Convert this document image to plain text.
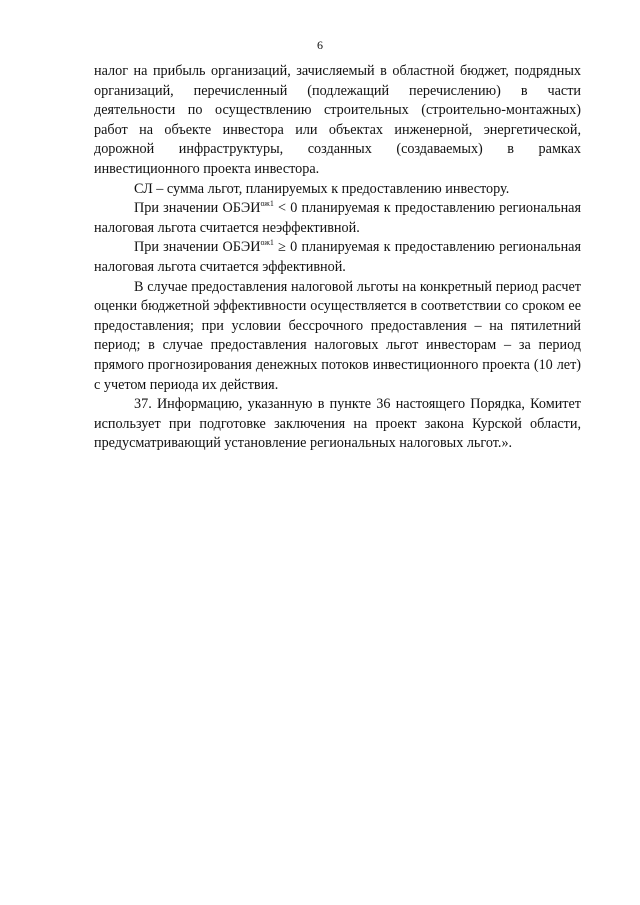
6

налог на прибыль организаций, зачисляемый в областной бюджет, подрядных организаций, перечисленный (подлежащий перечислению) в части деятельности по осуществлению строительных (строительно-монтажных) работ на объекте инвестора или объектах инженерной, энергетической, дорожной инфраструктуры, созданных (создаваемых) в рамках инвестиционного проекта инвестора.

СЛ – сумма льгот, планируемых к предоставлению инвестору.

При значении $ОБЭИ^{ож1} < 0$ планируемая к предоставлению региональная налоговая льгота считается неэффективной.

При значении $ОБЭИ^{ож1} \ge 0$ планируемая к предоставлению региональная налоговая льгота считается эффективной.

В случае предоставления налоговой льготы на конкретный период расчет оценки бюджетной эффективности осуществляется в соответствии со сроком ее предоставления; при условии бессрочного предоставления – на пятилетний период; в случае предоставления налоговых льгот инвесторам – за период прямого прогнозирования денежных потоков инвестиционного проекта (10 лет) с учетом периода их действия.

37. Информацию, указанную в пункте 36 настоящего Порядка, Комитет использует при подготовке заключения на проект закона Курской области, предусматривающий установление региональных налоговых льгот.».
